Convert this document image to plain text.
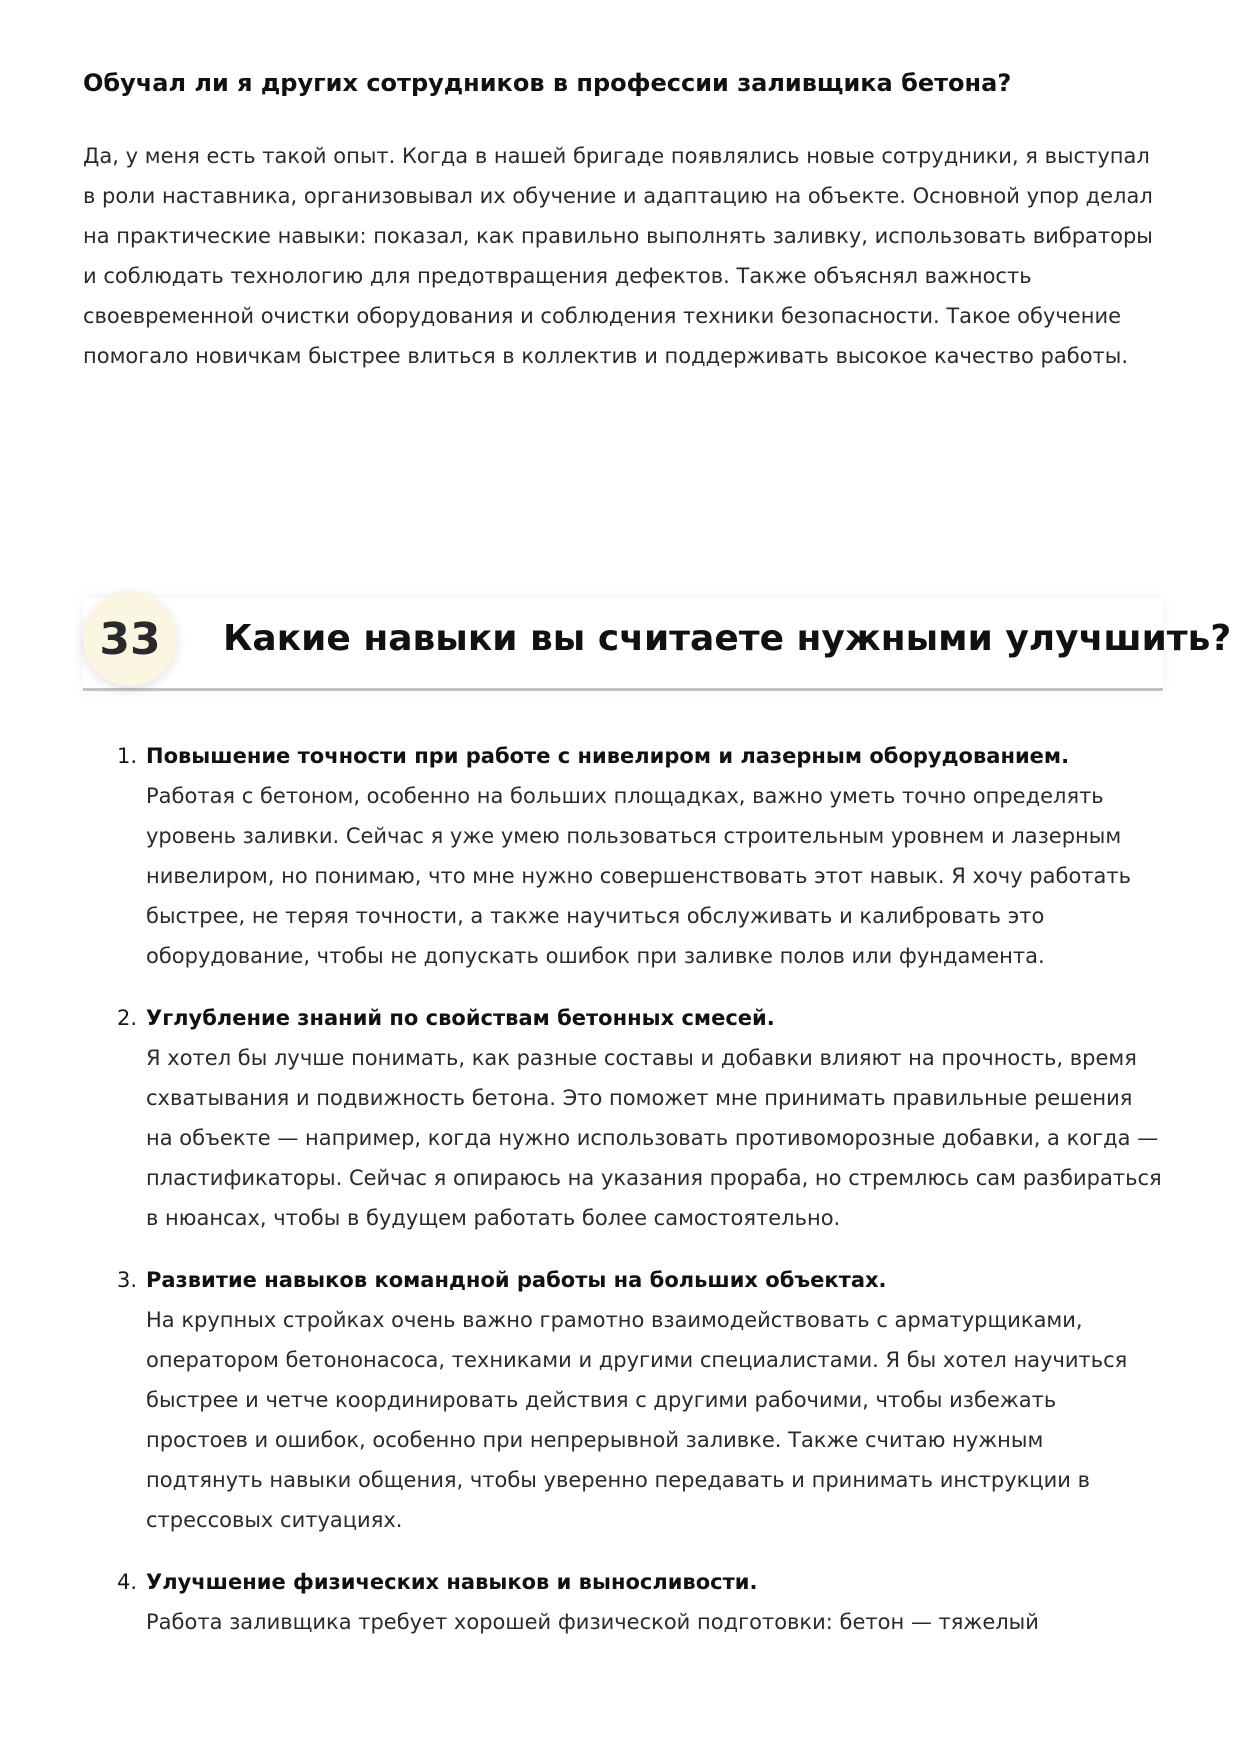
Обучал ли я других сотрудников в профессии заливщика бетона?

Да, у меня есть такой опыт. Когда в нашей бригаде появлялись новые сотрудники, я выступал в роли наставника, организовывал их обучение и адаптацию на объекте. Основной упор делал на практические навыки: показал, как правильно выполнять заливку, использовать вибраторы и соблюдать технологию для предотвращения дефектов. Также объяснял важность своевременной очистки оборудования и соблюдения техники безопасности. Такое обучение помогало новичкам быстрее влиться в коллектив и поддерживать высокое качество работы.

33	Какие навыки вы считаете нужными улучшить?
1. Повышение точности при работе с нивелиром и лазерным оборудованием.
Работая с бетоном, особенно на больших площадках, важно уметь точно определять уровень заливки. Сейчас я уже умею пользоваться строительным уровнем и лазерным нивелиром, но понимаю, что мне нужно совершенствовать этот навык. Я хочу работать быстрее, не теряя точности, а также научиться обслуживать и калибровать это оборудование, чтобы не допускать ошибок при заливке полов или фундамента.
2. Углубление знаний по свойствам бетонных смесей.
Я хотел бы лучше понимать, как разные составы и добавки влияют на прочность, время схватывания и подвижность бетона. Это поможет мне принимать правильные решения на объекте — например, когда нужно использовать противоморозные добавки, а когда — пластификаторы. Сейчас я опираюсь на указания прораба, но стремлюсь сам разбираться в нюансах, чтобы в будущем работать более самостоятельно.
3. Развитие навыков командной работы на больших объектах.
На крупных стройках очень важно грамотно взаимодействовать с арматурщиками, оператором бетононасоса, техниками и другими специалистами. Я бы хотел научиться быстрее и четче координировать действия с другими рабочими, чтобы избежать простоев и ошибок, особенно при непрерывной заливке. Также считаю нужным подтянуть навыки общения, чтобы уверенно передавать и принимать инструкции в стрессовых ситуациях.
4. Улучшение физических навыков и выносливости.
Работа заливщика требует хорошей физической подготовки: бетон — тяжелый
